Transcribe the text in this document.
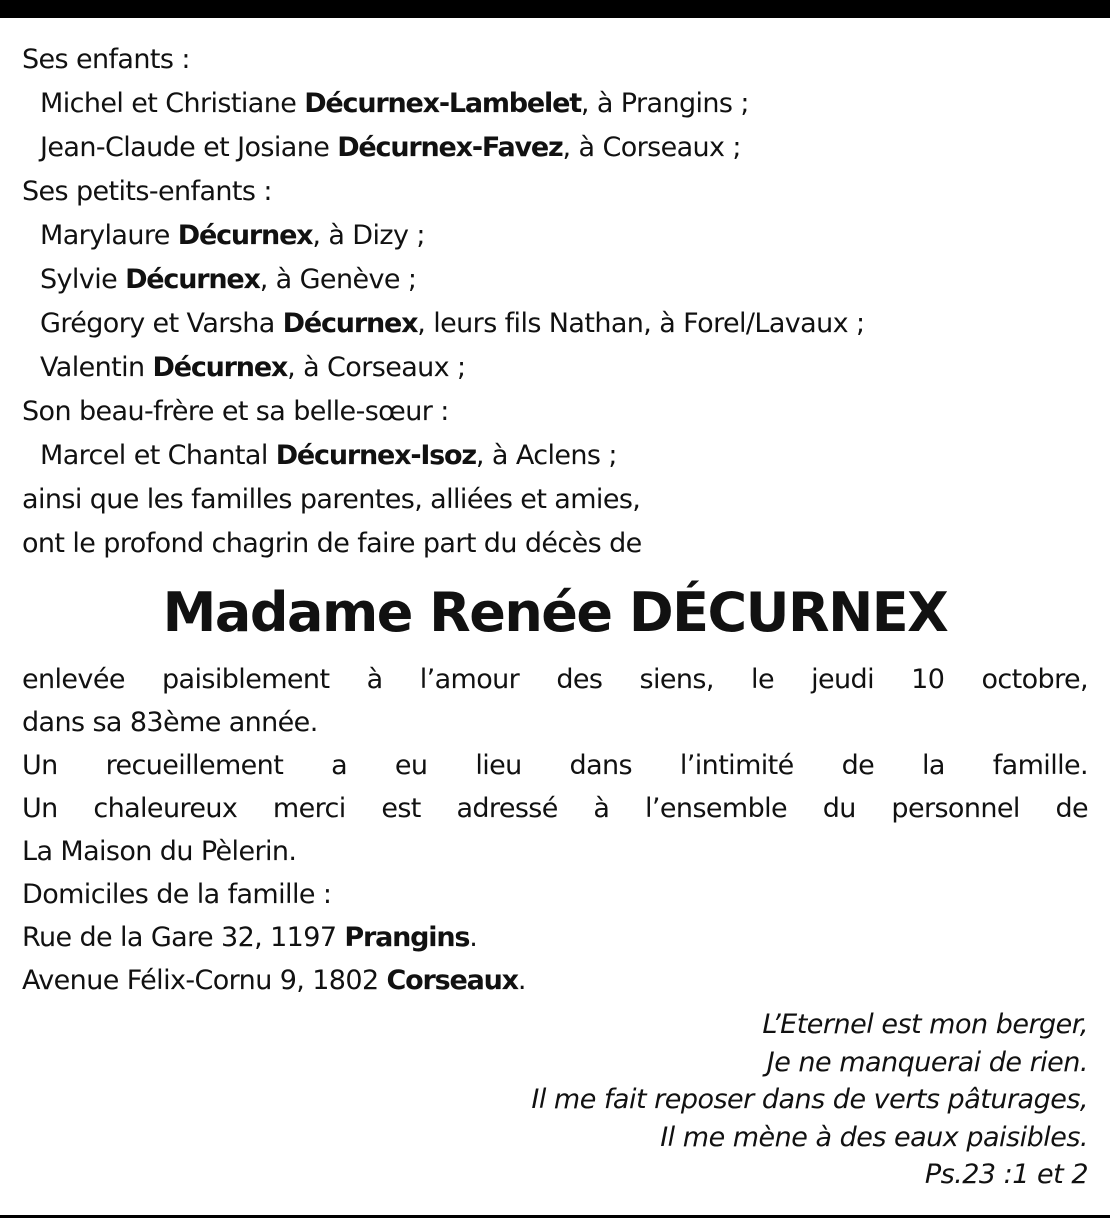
Ses enfants :
Michel et Christiane Décurnex-Lambelet, à Prangins ;
Jean-Claude et Josiane Décurnex-Favez, à Corseaux ;
Ses petits-enfants :
Marylaure Décurnex, à Dizy ;
Sylvie Décurnex, à Genève ;
Grégory et Varsha Décurnex, leurs fils Nathan, à Forel/Lavaux ;
Valentin Décurnex, à Corseaux ;
Son beau-frère et sa belle-sœur :
Marcel et Chantal Décurnex-Isoz, à Aclens ;
ainsi que les familles parentes, alliées et amies,
ont le profond chagrin de faire part du décès de
Madame Renée DÉCURNEX
enlevée paisiblement à l’amour des siens, le jeudi 10 octobre,
dans sa 83ème année.
Un recueillement a eu lieu dans l’intimité de la famille.
Un chaleureux merci est adressé à l’ensemble du personnel de
La Maison du Pèlerin.
Domiciles de la famille :
Rue de la Gare 32, 1197 Prangins.
Avenue Félix-Cornu 9, 1802 Corseaux.
L’Eternel est mon berger,
Je ne manquerai de rien.
Il me fait reposer dans de verts pâturages,
Il me mène à des eaux paisibles.
Ps.23 :1 et 2
